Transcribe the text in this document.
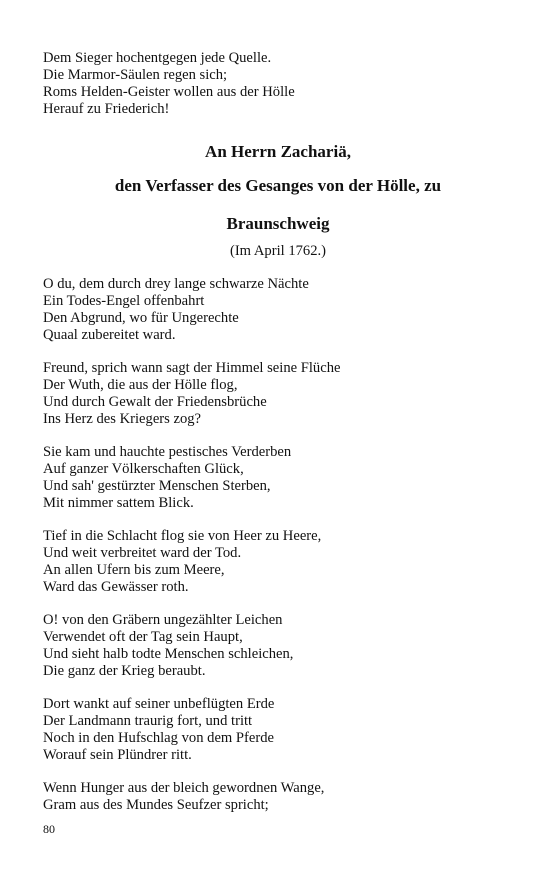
Dem Sieger hochentgegen jede Quelle.
Die Marmor-Säulen regen sich;
Roms Helden-Geister wollen aus der Hölle
Herauf zu Friederich!
An Herrn Zachariä,
den Verfasser des Gesanges von der Hölle, zu
Braunschweig
(Im April 1762.)
O du, dem durch drey lange schwarze Nächte
Ein Todes-Engel offenbahrt
Den Abgrund, wo für Ungerechte
Quaal zubereitet ward.
Freund, sprich wann sagt der Himmel seine Flüche
Der Wuth, die aus der Hölle flog,
Und durch Gewalt der Friedensbrüche
Ins Herz des Kriegers zog?
Sie kam und hauchte pestisches Verderben
Auf ganzer Völkerschaften Glück,
Und sah' gestürzter Menschen Sterben,
Mit nimmer sattem Blick.
Tief in die Schlacht flog sie von Heer zu Heere,
Und weit verbreitet ward der Tod.
An allen Ufern bis zum Meere,
Ward das Gewässer roth.
O! von den Gräbern ungezählter Leichen
Verwendet oft der Tag sein Haupt,
Und sieht halb todte Menschen schleichen,
Die ganz der Krieg beraubt.
Dort wankt auf seiner unbeflügten Erde
Der Landmann traurig fort, und tritt
Noch in den Hufschlag von dem Pferde
Worauf sein Plündrer ritt.
Wenn Hunger aus der bleich gewordnen Wange,
Gram aus des Mundes Seufzer spricht;
80
